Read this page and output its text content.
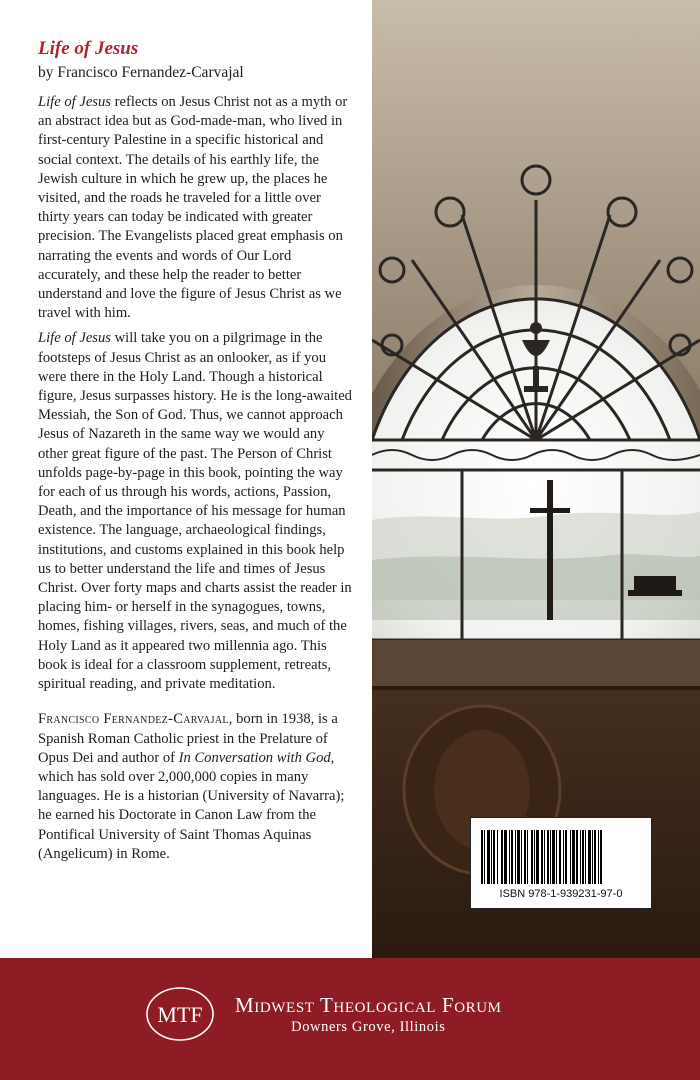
Life of Jesus
by Francisco Fernandez-Carvajal

Life of Jesus reflects on Jesus Christ not as a myth or an abstract idea but as God-made-man, who lived in first-century Palestine in a specific historical and social context. The details of his earthly life, the Jewish culture in which he grew up, the places he visited, and the roads he traveled for a little over thirty years can today be indicated with greater precision. The Evangelists placed great emphasis on narrating the events and words of Our Lord accurately, and these help the reader to better understand and love the figure of Jesus Christ as we travel with him.

Life of Jesus will take you on a pilgrimage in the footsteps of Jesus Christ as an onlooker, as if you were there in the Holy Land. Though a historical figure, Jesus surpasses history. He is the long-awaited Messiah, the Son of God. Thus, we cannot approach Jesus of Nazareth in the same way we would any other great figure of the past. The Person of Christ unfolds page-by-page in this book, pointing the way for each of us through his words, actions, Passion, Death, and the importance of his message for human existence. The language, archaeological findings, institutions, and customs explained in this book help us to better understand the life and times of Jesus Christ. Over forty maps and charts assist the reader in placing him- or herself in the synagogues, towns, homes, fishing villages, rivers, seas, and much of the Holy Land as it appeared two millennia ago. This book is ideal for a classroom supplement, retreats, spiritual reading, and private meditation.

Francisco Fernandez-Carvajal, born in 1938, is a Spanish Roman Catholic priest in the Prelature of Opus Dei and author of In Conversation with God, which has sold over 2,000,000 copies in many languages. He is a historian (University of Navarra); he earned his Doctorate in Canon Law from the Pontifical University of Saint Thomas Aquinas (Angelicum) in Rome.

ISBN 978-1-939231-97-0
MTF Midwest Theological Forum
Downers Grove, Illinois
